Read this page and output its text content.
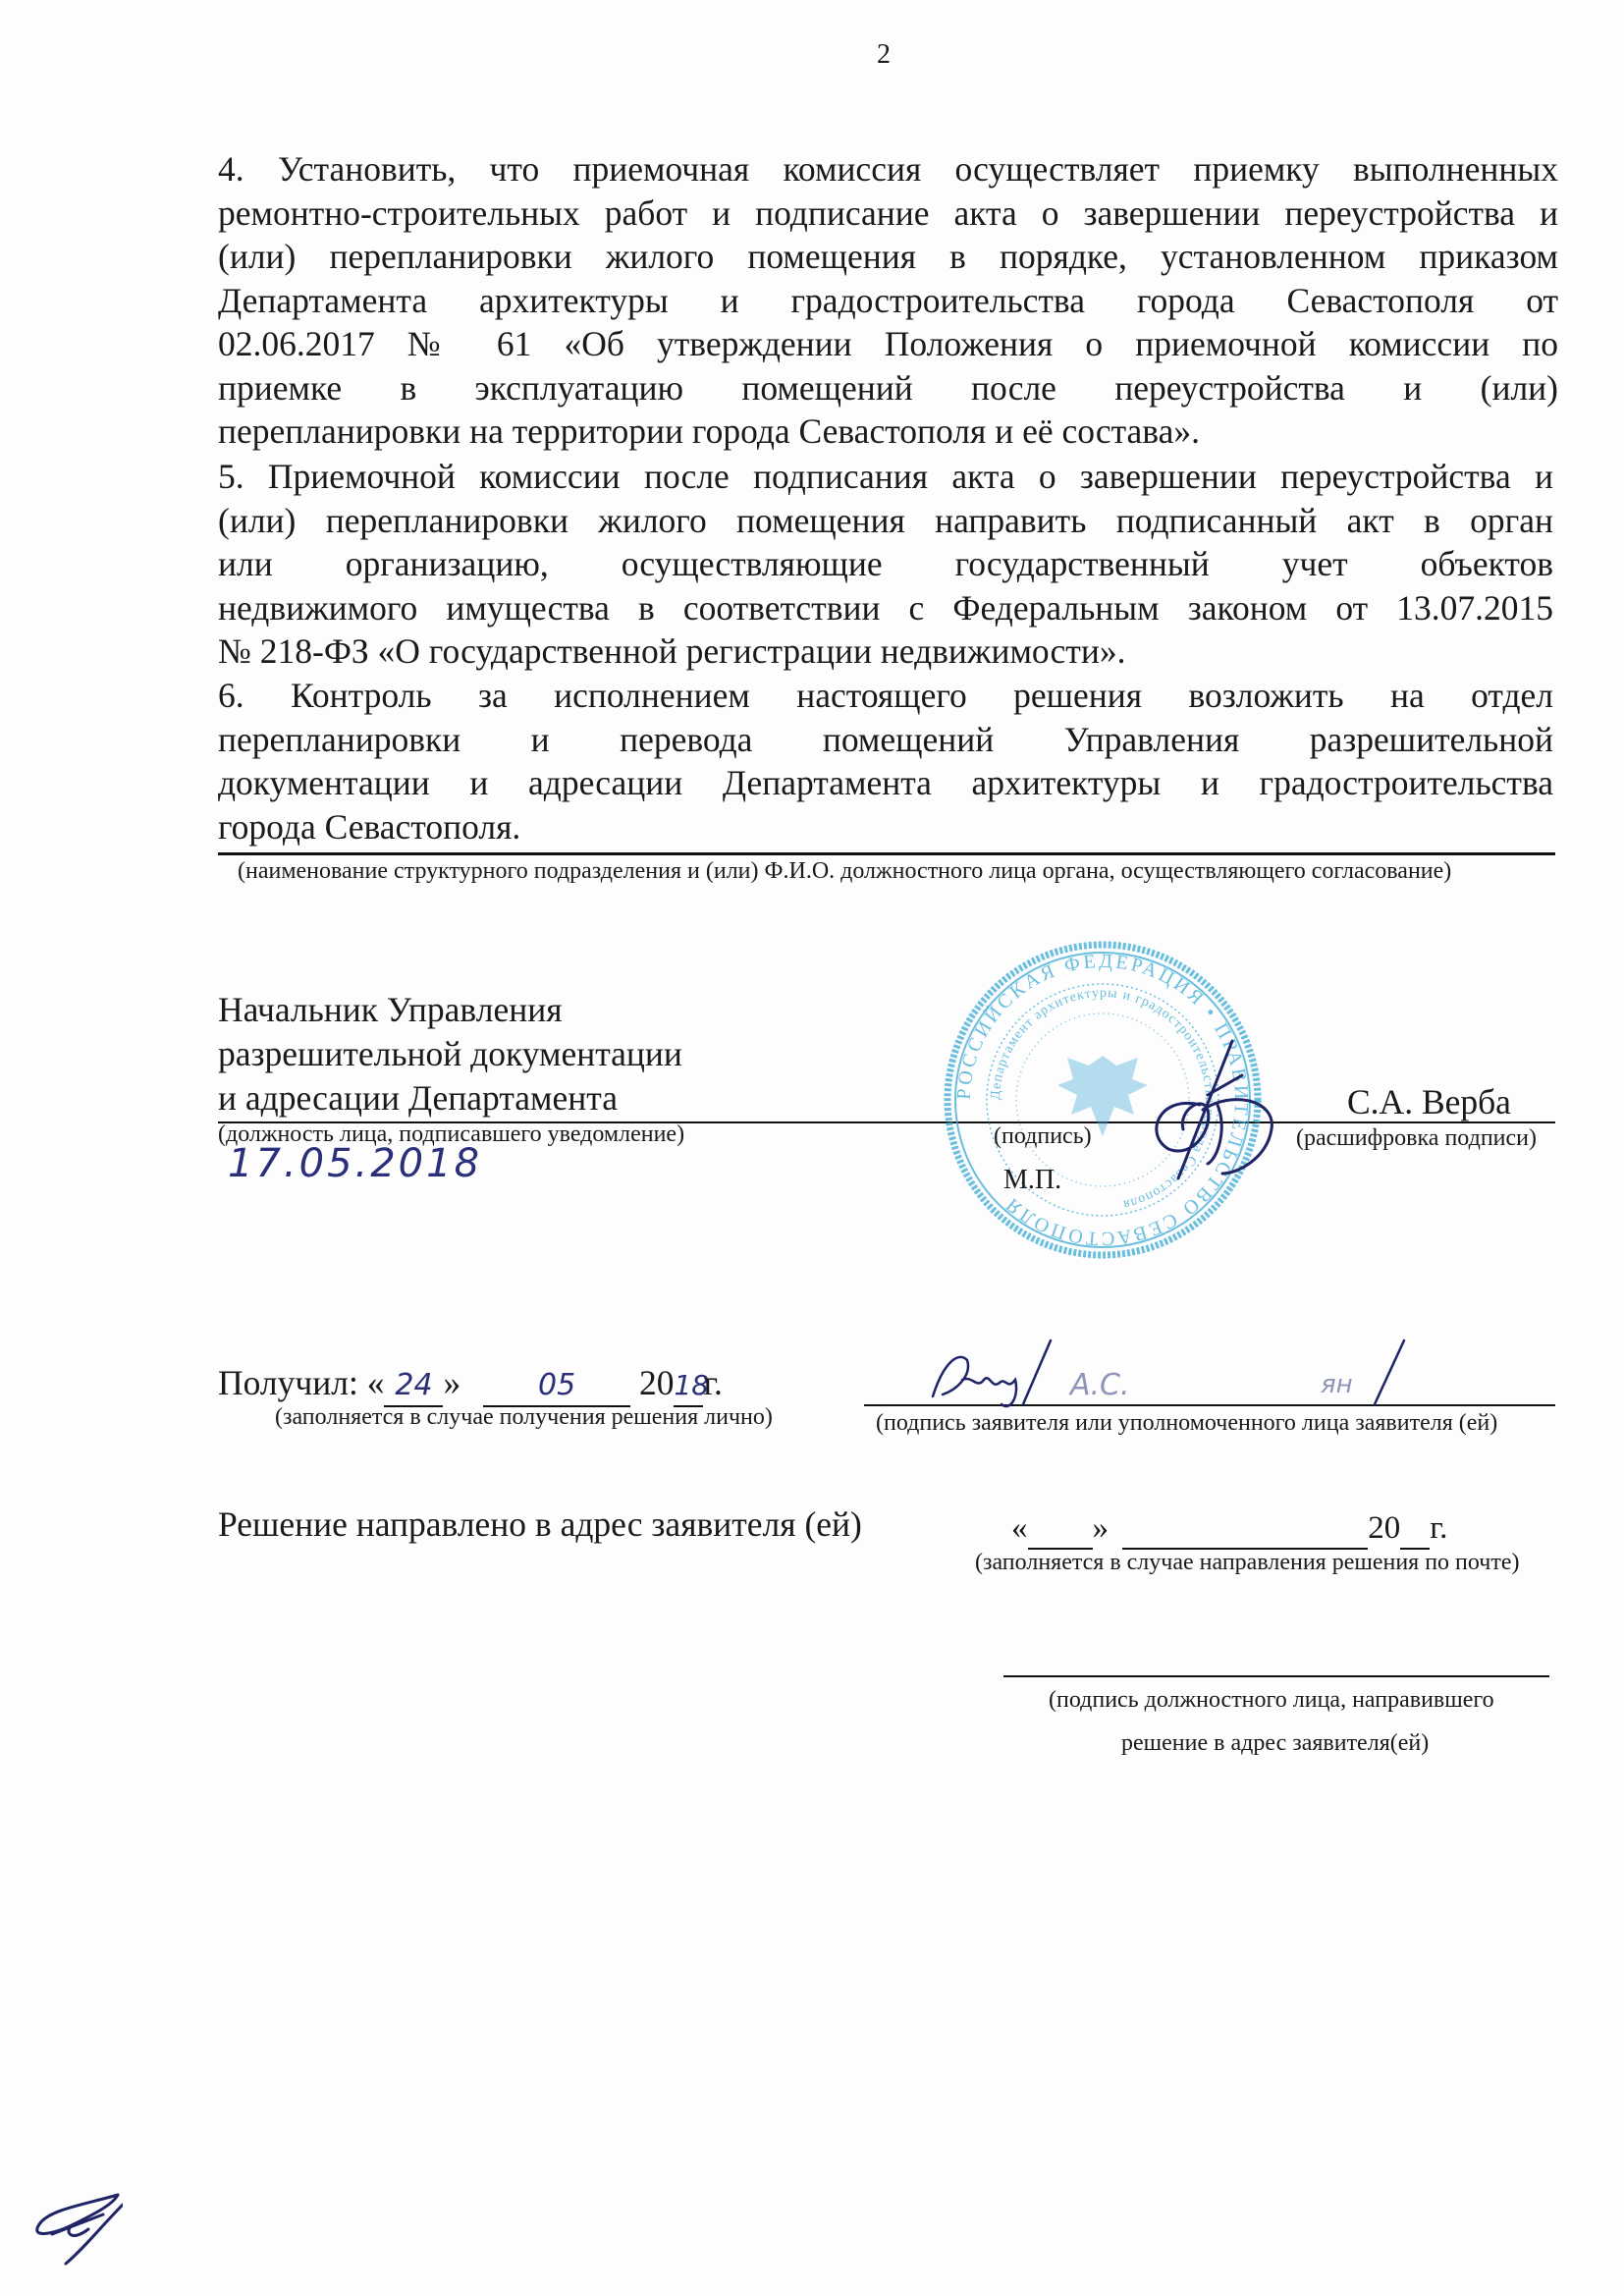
2
4. Установить, что приемочная комиссия осуществляет приемку выполненных
ремонтно-строительных работ и подписание акта о завершении переустройства и
(или) перепланировки жилого помещения в порядке, установленном приказом
Департамента архитектуры и градостроительства города Севастополя от
02.06.2017 № 61 «Об утверждении Положения о приемочной комиссии по
приемке в эксплуатацию помещений после переустройства и (или)
перепланировки на территории города Севастополя и её состава».
5. Приемочной комиссии после подписания акта о завершении переустройства и
(или) перепланировки жилого помещения направить подписанный акт в орган
или организацию, осуществляющие государственный учет объектов
недвижимого имущества в соответствии с Федеральным законом от 13.07.2015
№ 218-ФЗ «О государственной регистрации недвижимости».
6. Контроль за исполнением настоящего решения возложить на отдел
перепланировки и перевода помещений Управления разрешительной
документации и адресации Департамента архитектуры и градостроительства
города Севастополя.
(наименование структурного подразделения и (или) Ф.И.О. должностного лица органа, осуществляющего согласование)
Начальник Управления
разрешительной документации
и адресации Департамента
(должность лица, подписавшего уведомление)
17.05.2018
РОССИЙСКАЯ ФЕДЕРАЦИЯ • ПРАВИТЕЛЬСТВО СЕВАСТОПОЛЯ
Департамент архитектуры и градостроительства города Севастополя
(подпись)
С.А. Верба
(расшифровка подписи)
М.П.
Получил: « 24 »	05 2018г.
(заполняется в случае получения решения лично)
А.С.	ян
(подпись заявителя или уполномоченного лица заявителя (ей)
Решение направлено в адрес заявителя (ей)	« »	20 г.
(заполняется в случае направления решения по почте)
(подпись должностного лица, направившего
решение в адрес заявителя(ей)
